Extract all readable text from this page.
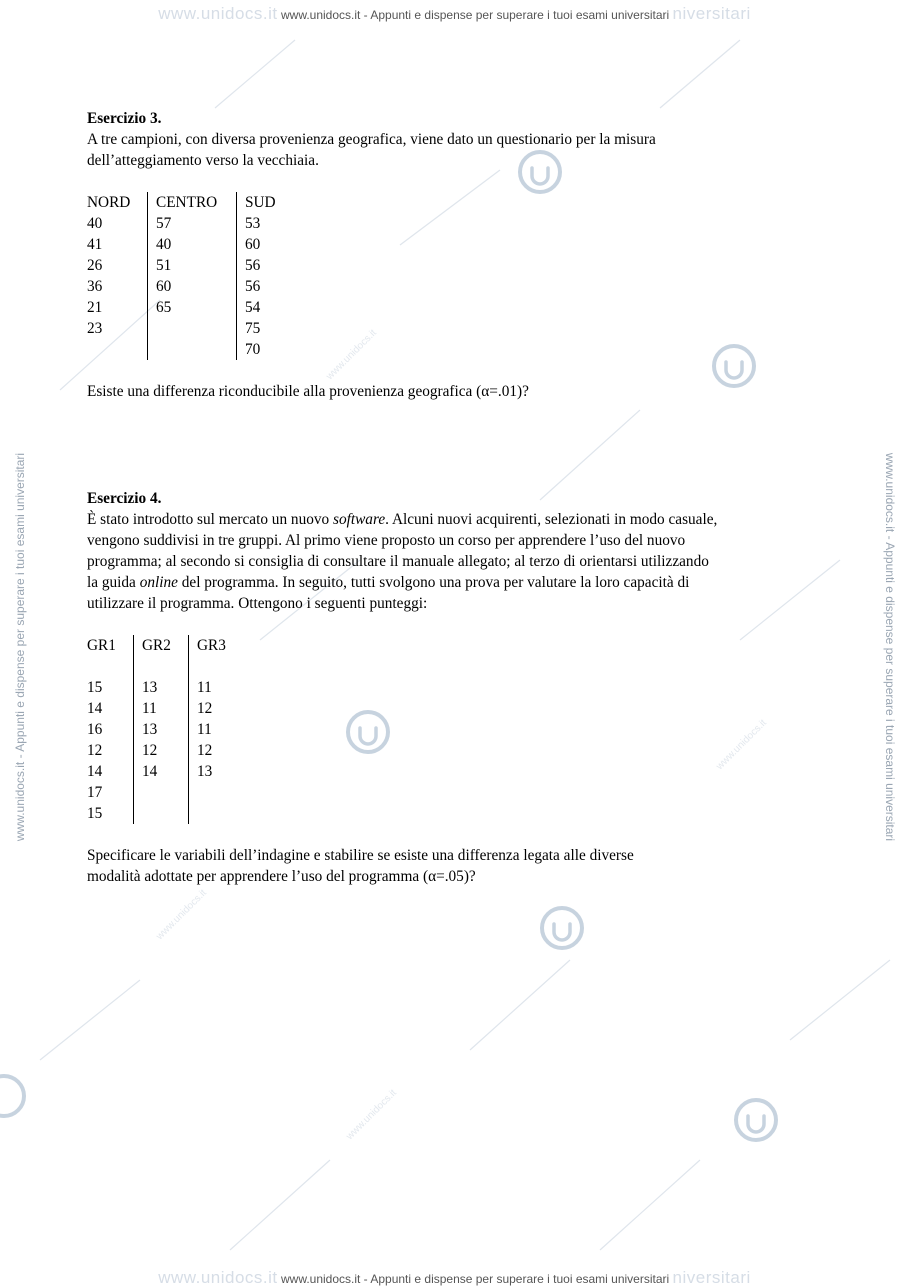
www.unidocs.it
www.unidocs.it
www.unidocs.it
www.unidocs.it
www.unidocs.it www.unidocs.it - Appunti e dispense per superare i tuoi esami universitari niversitari
www.unidocs.it - Appunti e dispense per superare i tuoi esami universitari	www.unidocs.it - Appunti e dispense per superare i tuoi esami universitari

Esercizio 3.

A tre campioni, con diversa provenienza geografica, viene dato un questionario per la misura

dell’atteggiamento verso la vecchiaia.

NORD
40
41
26
36
21
23
CENTRO
57
40
51
60
65
SUD
53
60
56
56
54
75
70

Esiste una differenza riconducibile alla provenienza geografica (α=.01)?

Esercizio 4.

È stato introdotto sul mercato un nuovo software. Alcuni nuovi acquirenti, selezionati in modo casuale,

vengono suddivisi in tre gruppi. Al primo viene proposto un corso per apprendere l’uso del nuovo

programma; al secondo si consiglia di consultare il manuale allegato; al terzo di orientarsi utilizzando

la guida online del programma. In seguito, tutti svolgono una prova per valutare la loro capacità di

utilizzare il programma. Ottengono i seguenti punteggi:

GR1
15
14
16
12
14
17
15
GR2
13
11
13
12
14
GR3
11
12
11
12
13

Specificare le variabili dell’indagine e stabilire se esiste una differenza legata alle diverse

modalità adottate per apprendere l’uso del programma (α=.05)?

www.unidocs.it www.unidocs.it - Appunti e dispense per superare i tuoi esami universitari niversitari
